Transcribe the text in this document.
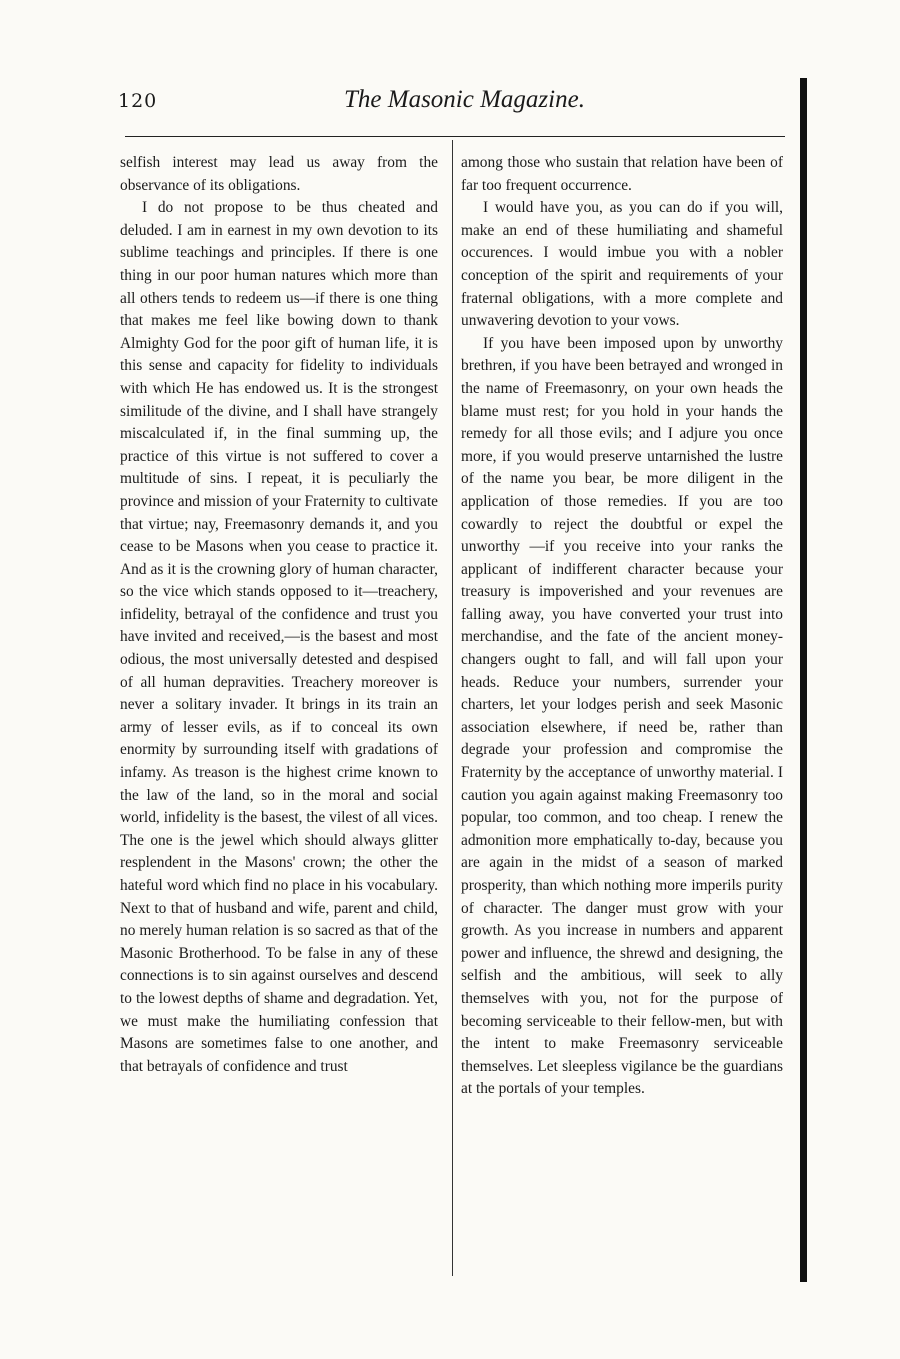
120	The Masonic Magazine.

selfish interest may lead us away from the observance of its obligations.

I do not propose to be thus cheated and deluded. I am in earnest in my own devotion to its sublime teachings and principles. If there is one thing in our poor human natures which more than all others tends to redeem us—if there is one thing that makes me feel like bowing down to thank Almighty God for the poor gift of human life, it is this sense and capacity for fidelity to individuals with which He has endowed us. It is the strongest similitude of the divine, and I shall have strangely miscalculated if, in the final summing up, the practice of this virtue is not suffered to cover a multitude of sins. I repeat, it is peculiarly the province and mission of your Fraternity to cultivate that virtue; nay, Freemasonry demands it, and you cease to be Masons when you cease to practice it. And as it is the crowning glory of human character, so the vice which stands opposed to it—treachery, infidelity, betrayal of the confidence and trust you have invited and received,—is the basest and most odious, the most universally detested and despised of all human depravities. Treachery moreover is never a solitary invader. It brings in its train an army of lesser evils, as if to conceal its own enormity by surrounding itself with gradations of infamy. As treason is the highest crime known to the law of the land, so in the moral and social world, infidelity is the basest, the vilest of all vices. The one is the jewel which should always glitter resplendent in the Masons' crown; the other the hateful word which find no place in his vocabulary. Next to that of husband and wife, parent and child, no merely human relation is so sacred as that of the Masonic Brotherhood. To be false in any of these connections is to sin against ourselves and descend to the lowest depths of shame and degradation. Yet, we must make the humiliating confession that Masons are sometimes false to one another, and that betrayals of confidence and trust

among those who sustain that relation have been of far too frequent occurrence.

I would have you, as you can do if you will, make an end of these humiliating and shameful occurences. I would imbue you with a nobler conception of the spirit and requirements of your fraternal obligations, with a more complete and unwavering devotion to your vows.

If you have been imposed upon by unworthy brethren, if you have been betrayed and wronged in the name of Freemasonry, on your own heads the blame must rest; for you hold in your hands the remedy for all those evils; and I adjure you once more, if you would preserve untarnished the lustre of the name you bear, be more diligent in the application of those remedies. If you are too cowardly to reject the doubtful or expel the unworthy —if you receive into your ranks the applicant of indifferent character because your treasury is impoverished and your revenues are falling away, you have converted your trust into merchandise, and the fate of the ancient money-changers ought to fall, and will fall upon your heads. Reduce your numbers, surrender your charters, let your lodges perish and seek Masonic association elsewhere, if need be, rather than degrade your profession and compromise the Fraternity by the acceptance of unworthy material. I caution you again against making Freemasonry too popular, too common, and too cheap. I renew the admonition more emphatically to-day, because you are again in the midst of a season of marked prosperity, than which nothing more imperils purity of character. The danger must grow with your growth. As you increase in numbers and apparent power and influence, the shrewd and designing, the selfish and the ambitious, will seek to ally themselves with you, not for the purpose of becoming serviceable to their fellow-men, but with the intent to make Freemasonry serviceable themselves. Let sleepless vigilance be the guardians at the portals of your temples.
